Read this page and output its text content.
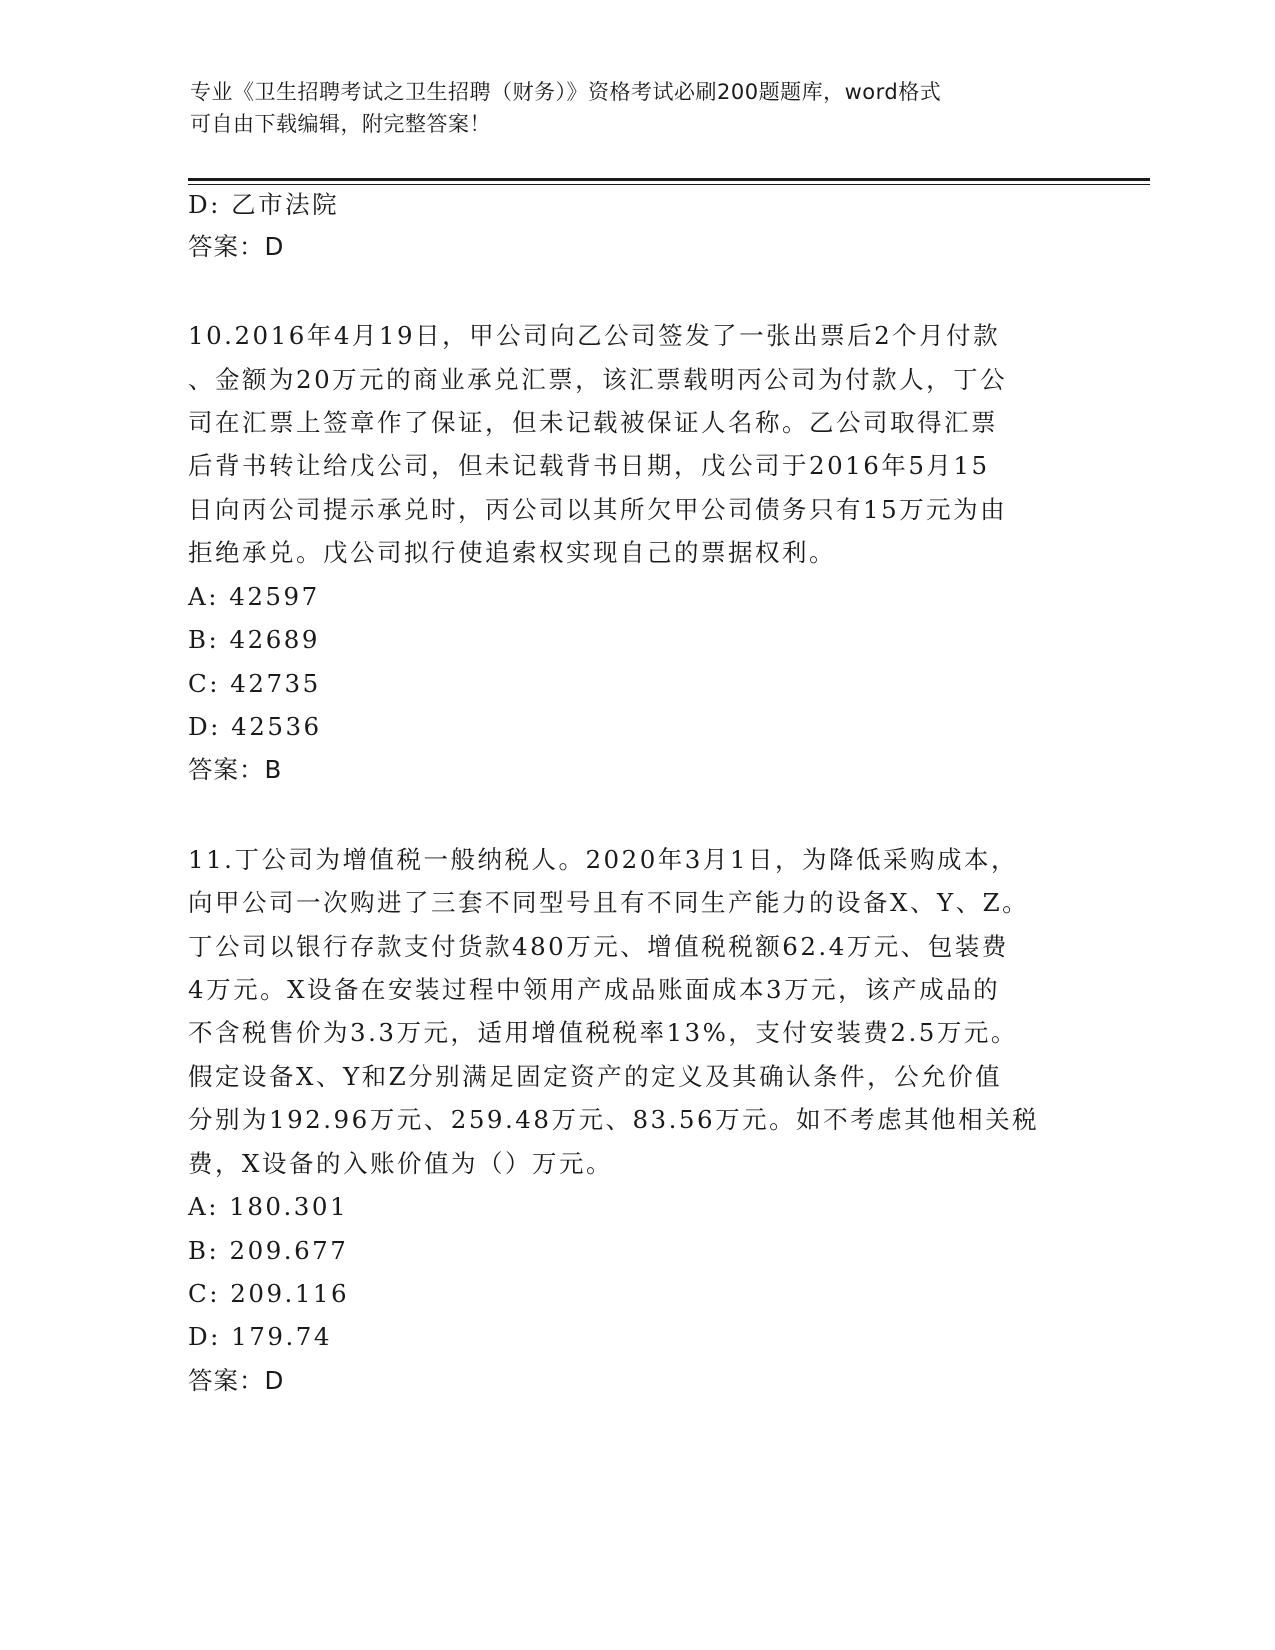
专业《卫生招聘考试之卫生招聘（财务）》资格考试必刷200题题库，word格式
可自由下载编辑，附完整答案！
D: 乙市法院
答案：D
10.2016年4月19日，甲公司向乙公司签发了一张出票后2个月付款
、金额为20万元的商业承兑汇票，该汇票载明丙公司为付款人，丁公
司在汇票上签章作了保证，但未记载被保证人名称。乙公司取得汇票
后背书转让给戊公司，但未记载背书日期，戊公司于2016年5月15
日向丙公司提示承兑时，丙公司以其所欠甲公司债务只有15万元为由
拒绝承兑。戊公司拟行使追索权实现自己的票据权利。
A: 42597
B: 42689
C: 42735
D: 42536
答案：B
11.丁公司为增值税一般纳税人。2020年3月1日，为降低采购成本，
向甲公司一次购进了三套不同型号且有不同生产能力的设备X、Y、Z。
丁公司以银行存款支付货款480万元、增值税税额62.4万元、包装费
4万元。X设备在安装过程中领用产成品账面成本3万元，该产成品的
不含税售价为3.3万元，适用增值税税率13%，支付安装费2.5万元。
假定设备X、Y和Z分别满足固定资产的定义及其确认条件，公允价值
分别为192.96万元、259.48万元、83.56万元。如不考虑其他相关税
费，X设备的入账价值为（）万元。
A: 180.301
B: 209.677
C: 209.116
D: 179.74
答案：D
